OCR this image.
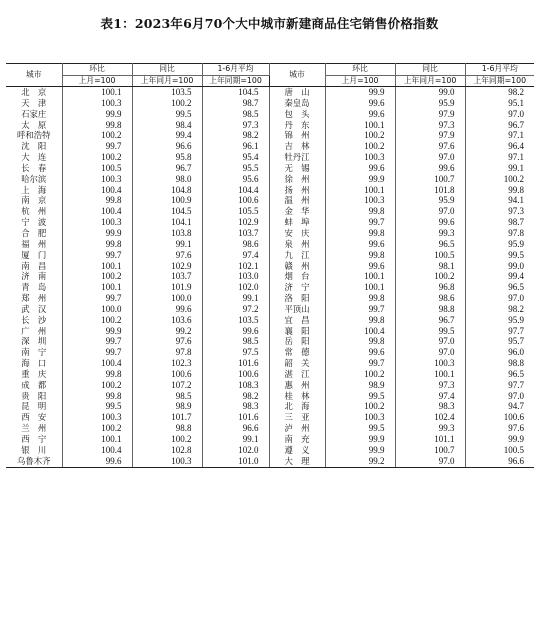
表1：2023年6月70个大中城市新建商品住宅销售价格指数
城市	环比	同比	1-6月平均	城市	环比	同比	1-6月平均
	上月=100	上年同月=100	上年同期=100		上月=100	上年同月=100	上年同期=100
北　京	100.1	103.5	104.5	唐　山	99.9	99.0	98.2
天　津	100.3	100.2	98.7	秦皇岛	99.6	95.9	95.1
石家庄	99.9	99.5	98.5	包　头	99.6	97.9	97.0
太　原	99.8	98.4	97.3	丹　东	100.1	97.3	96.7
呼和浩特	100.2	99.4	98.2	锦　州	100.2	97.9	97.1
沈　阳	99.7	96.6	96.1	吉　林	100.2	97.6	96.4
大　连	100.2	95.8	95.4	牡丹江	100.3	97.0	97.1
长　春	100.5	96.7	95.5	无　锡	99.6	99.6	99.1
哈尔滨	100.3	98.0	95.6	徐　州	99.9	100.7	100.2
上　海	100.4	104.8	104.4	扬　州	100.1	101.8	99.8
南　京	99.8	100.9	100.6	温　州	100.3	95.9	94.1
杭　州	100.4	104.5	105.5	金　华	99.8	97.0	97.3
宁　波	100.3	104.1	102.9	蚌　埠	99.7	99.6	98.7
合　肥	99.9	103.8	103.7	安　庆	99.8	99.3	97.8
福　州	99.8	99.1	98.6	泉　州	99.6	96.5	95.9
厦　门	99.7	97.6	97.4	九　江	99.8	100.5	99.5
南　昌	100.1	102.9	102.1	赣　州	99.6	98.1	99.0
济　南	100.2	103.7	103.0	烟　台	100.1	100.2	99.4
青　岛	100.1	101.9	102.0	济　宁	100.1	96.8	96.5
郑　州	99.7	100.0	99.1	洛　阳	99.8	98.6	97.0
武　汉	100.0	99.6	97.2	平顶山	99.7	98.8	98.2
长　沙	100.2	103.6	103.5	宜　昌	99.8	96.7	95.9
广　州	99.9	99.2	99.6	襄　阳	100.4	99.5	97.7
深　圳	99.7	97.6	98.5	岳　阳	99.8	97.0	95.7
南　宁	99.7	97.8	97.5	常　德	99.6	97.0	96.0
海　口	100.4	102.3	101.6	韶　关	99.7	100.3	98.8
重　庆	99.8	100.6	100.6	湛　江	100.2	100.1	96.5
成　都	100.2	107.2	108.3	惠　州	98.9	97.3	97.7
贵　阳	99.8	98.5	98.2	桂　林	99.5	97.4	97.0
昆　明	99.5	98.9	98.3	北　海	100.2	98.3	94.7
西　安	100.3	101.7	101.6	三　亚	100.3	102.4	100.6
兰　州	100.2	98.8	96.6	泸　州	99.5	99.3	97.6
西　宁	100.1	100.2	99.1	南　充	99.9	101.1	99.9
银　川	100.4	102.8	102.0	遵　义	99.9	100.7	100.5
乌鲁木齐	99.6	100.3	101.0	大　理	99.2	97.0	96.6
